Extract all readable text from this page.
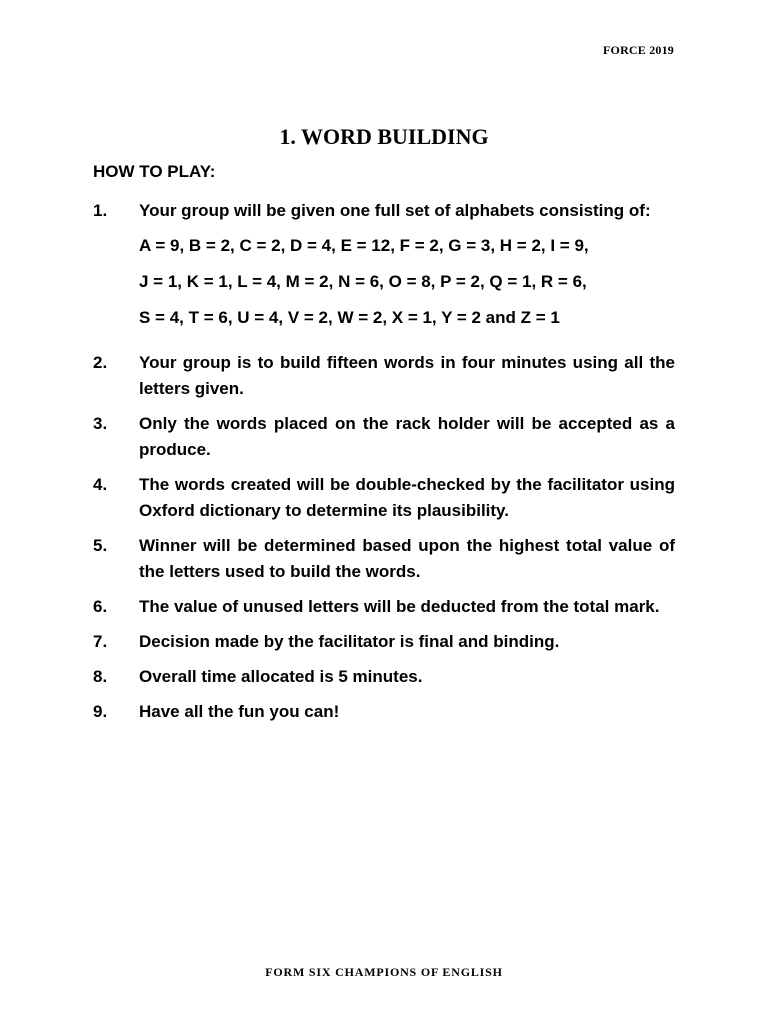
FORCE 2019
1. WORD BUILDING
HOW TO PLAY:
1.	Your group will be given one full set of alphabets consisting of:
A = 9, B = 2, C = 2, D = 4, E = 12, F = 2, G = 3, H = 2, I = 9,
J = 1, K = 1, L = 4, M = 2, N = 6, O = 8, P = 2, Q = 1, R = 6,
S = 4, T = 6, U = 4, V = 2, W = 2, X = 1, Y = 2 and Z = 1
2.	Your group is to build fifteen words in four minutes using all the letters given.
3.	Only the words placed on the rack holder will be accepted as a produce.
4.	The words created will be double-checked by the facilitator using Oxford dictionary to determine its plausibility.
5.	Winner will be determined based upon the highest total value of the letters used to build the words.
6.	The value of unused letters will be deducted from the total mark.
7.	Decision made by the facilitator is final and binding.
8.	Overall time allocated is 5 minutes.
9.	Have all the fun you can!
FORM SIX CHAMPIONS OF ENGLISH
